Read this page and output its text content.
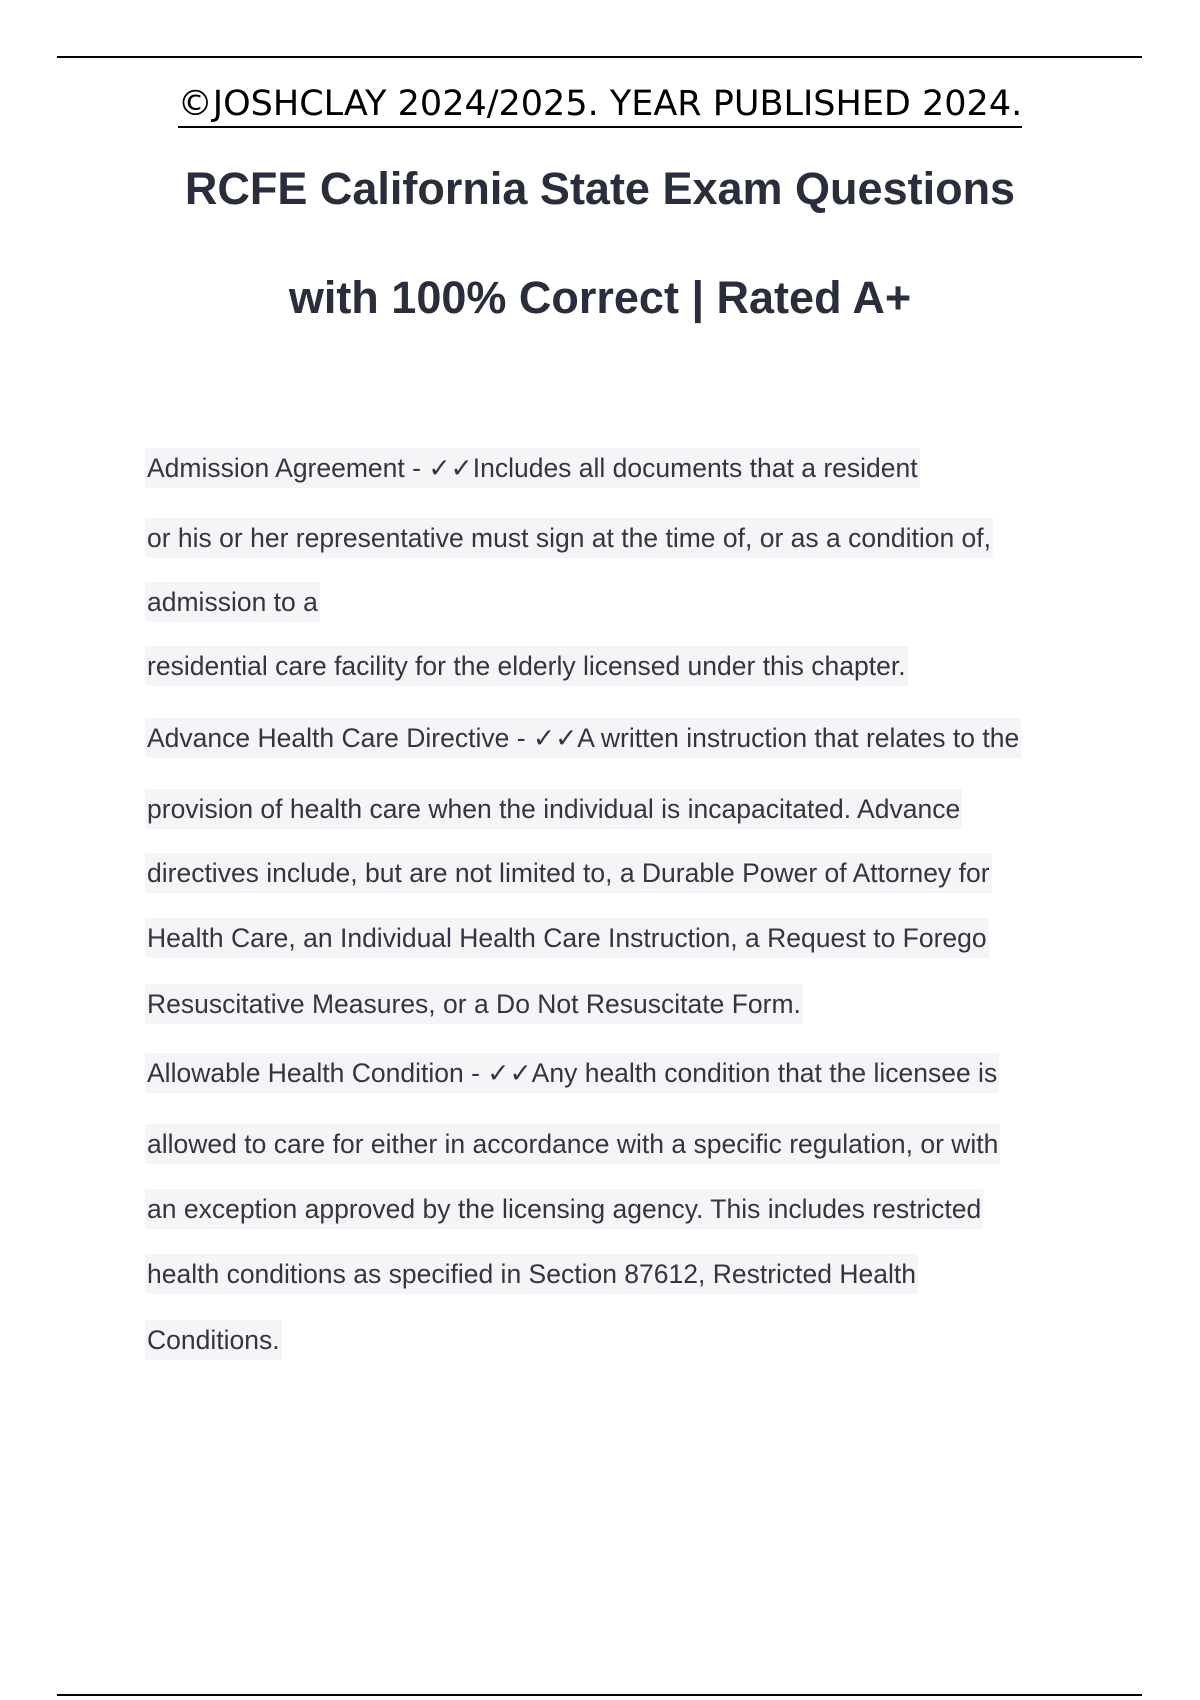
©JOSHCLAY 2024/2025. YEAR PUBLISHED 2024.
RCFE California State Exam Questions
with 100% Correct | Rated A+
Admission Agreement - ✓✓Includes all documents that a resident
or his or her representative must sign at the time of, or as a condition of,
admission to a
residential care facility for the elderly licensed under this chapter.
Advance Health Care Directive - ✓✓A written instruction that relates to the
provision of health care when the individual is incapacitated. Advance
directives include, but are not limited to, a Durable Power of Attorney for
Health Care, an Individual Health Care Instruction, a Request to Forego
Resuscitative Measures, or a Do Not Resuscitate Form.
Allowable Health Condition - ✓✓Any health condition that the licensee is
allowed to care for either in accordance with a specific regulation, or with
an exception approved by the licensing agency. This includes restricted
health conditions as specified in Section 87612, Restricted Health
Conditions.
